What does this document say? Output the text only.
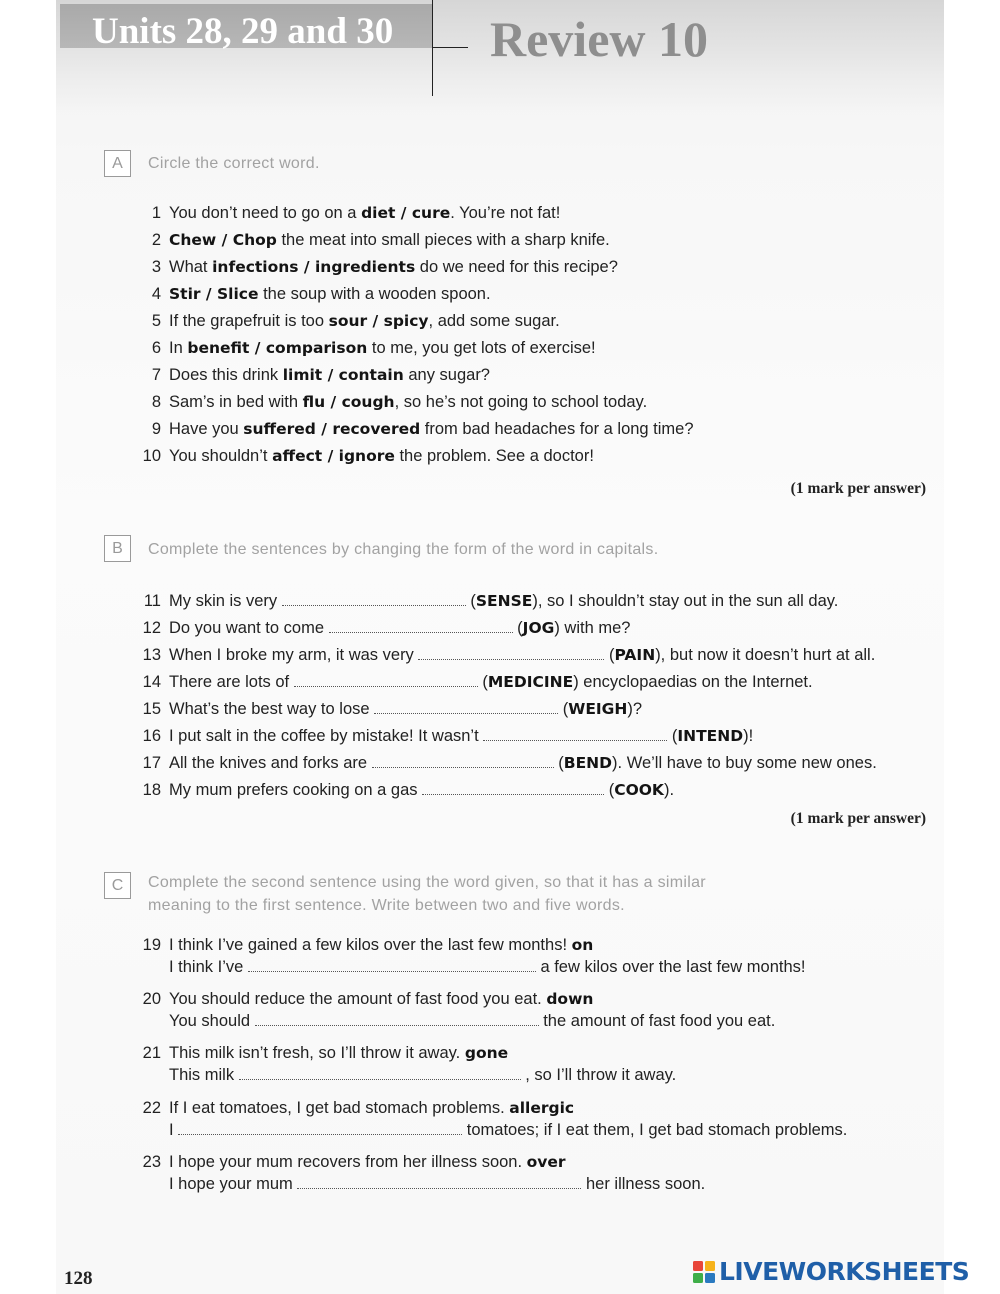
Units 28, 29 and 30 Review 10
A	Circle the correct word.
1 You don’t need to go on a diet / cure. You’re not fat!
2 Chew / Chop the meat into small pieces with a sharp knife.
3 What infections / ingredients do we need for this recipe?
4 Stir / Slice the soup with a wooden spoon.
5 If the grapefruit is too sour / spicy, add some sugar.
6 In benefit / comparison to me, you get lots of exercise!
7 Does this drink limit / contain any sugar?
8 Sam’s in bed with flu / cough, so he’s not going to school today.
9 Have you suffered / recovered from bad headaches for a long time?
10 You shouldn’t affect / ignore the problem. See a doctor!
(1 mark per answer)
B	Complete the sentences by changing the form of the word in capitals.
11 My skin is very	(SENSE), so I shouldn’t stay out in the sun all day.
12 Do you want to come	(JOG) with me?
13 When I broke my arm, it was very	(PAIN), but now it doesn’t hurt at all.
14 There are lots of	(MEDICINE) encyclopaedias on the Internet.
15 What’s the best way to lose	(WEIGH)?
16 I put salt in the coffee by mistake! It wasn’t	(INTEND)!
17 All the knives and forks are	(BEND). We’ll have to buy some new ones.
18 My mum prefers cooking on a gas	(COOK).
(1 mark per answer)
C	Complete the second sentence using the word given, so that it has a similar
meaning to the first sentence. Write between two and five words.
19 I think I’ve gained a few kilos over the last few months! on
I think I’ve	a few kilos over the last few months!
20 You should reduce the amount of fast food you eat. down
You should	the amount of fast food you eat.
21 This milk isn’t fresh, so I’ll throw it away. gone
This milk	, so I’ll throw it away.
22 If I eat tomatoes, I get bad stomach problems. allergic
I	tomatoes; if I eat them, I get bad stomach problems.
23 I hope your mum recovers from her illness soon. over
I hope your mum	her illness soon.
128	LIVEWORKSHEETS
